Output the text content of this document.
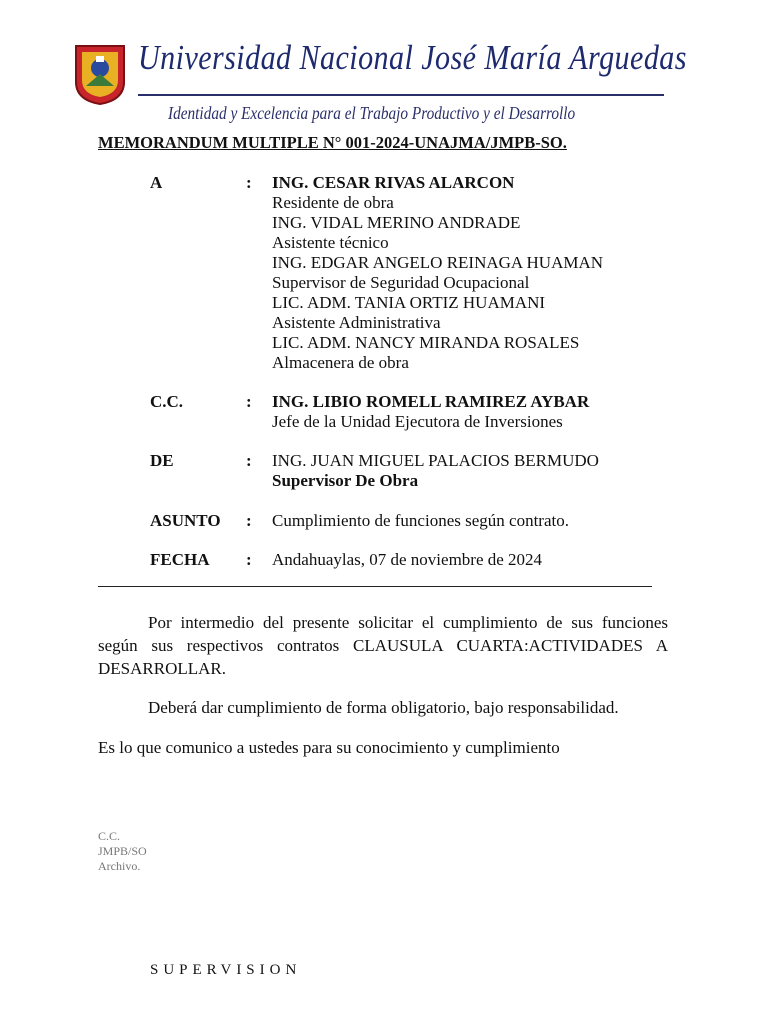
Universidad Nacional José María Arguedas
Identidad y Excelencia para el Trabajo Productivo y el Desarrollo
MEMORANDUM MULTIPLE N° 001-2024-UNAJMA/JMPB-SO.
A	: ING. CESAR RIVAS ALARCON
Residente de obra
ING. VIDAL MERINO ANDRADE
Asistente técnico
ING. EDGAR ANGELO REINAGA HUAMAN
Supervisor de Seguridad Ocupacional
LIC. ADM. TANIA ORTIZ HUAMANI
Asistente Administrativa
LIC. ADM. NANCY MIRANDA ROSALES
Almacenera de obra
C.C.	: ING. LIBIO ROMELL RAMIREZ AYBAR
Jefe de la Unidad Ejecutora de Inversiones
DE	: ING. JUAN MIGUEL PALACIOS BERMUDO
Supervisor De Obra
ASUNTO : Cumplimiento de funciones según contrato.
FECHA : Andahuaylas, 07 de noviembre de 2024
Por intermedio del presente solicitar el cumplimiento de sus funciones según sus respectivos contratos CLAUSULA CUARTA:ACTIVIDADES A DESARROLLAR.
Deberá dar cumplimiento de forma obligatorio, bajo responsabilidad.
Es lo que comunico a ustedes para su conocimiento y cumplimiento
C.C.
JMPB/SO
Archivo.
SUPERVISION
